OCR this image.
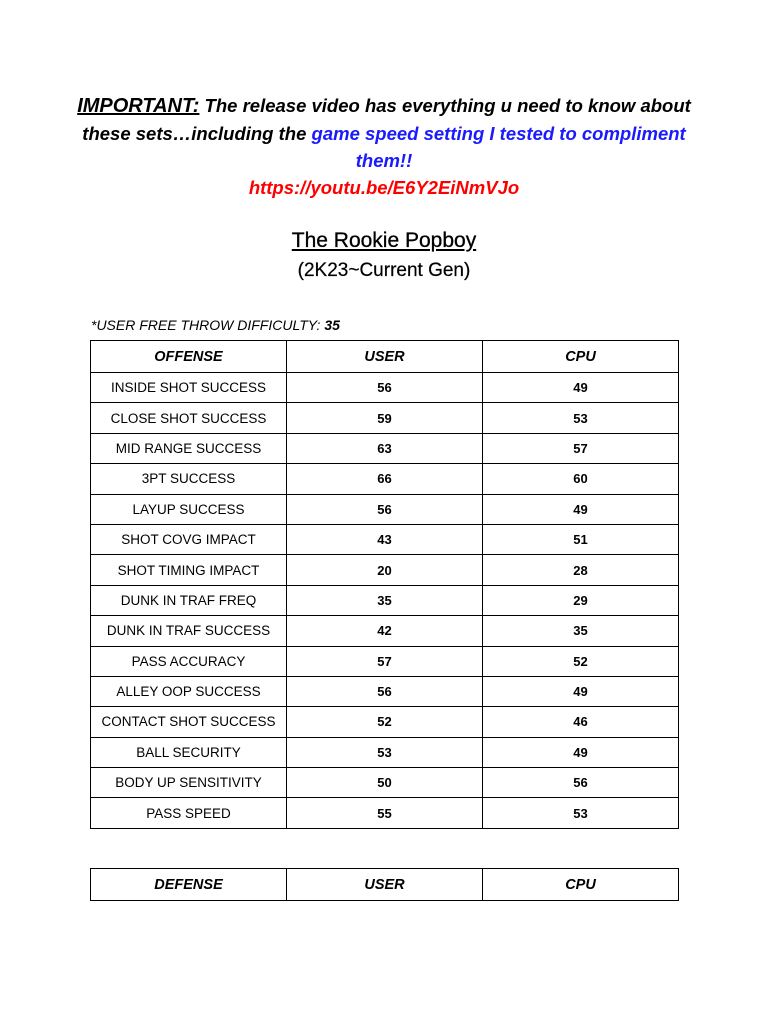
IMPORTANT: The release video has everything u need to know about these sets…including the game speed setting I tested to compliment them!!
https://youtu.be/E6Y2EiNmVJo
The Rookie Popboy
(2K23~Current Gen)
*USER FREE THROW DIFFICULTY: 35
OFFENSE	USER	CPU
INSIDE SHOT SUCCESS	56	49
CLOSE SHOT SUCCESS	59	53
MID RANGE SUCCESS	63	57
3PT SUCCESS	66	60
LAYUP SUCCESS	56	49
SHOT COVG IMPACT	43	51
SHOT TIMING IMPACT	20	28
DUNK IN TRAF FREQ	35	29
DUNK IN TRAF SUCCESS	42	35
PASS ACCURACY	57	52
ALLEY OOP SUCCESS	56	49
CONTACT SHOT SUCCESS	52	46
BALL SECURITY	53	49
BODY UP SENSITIVITY	50	56
PASS SPEED	55	53
DEFENSE	USER	CPU
